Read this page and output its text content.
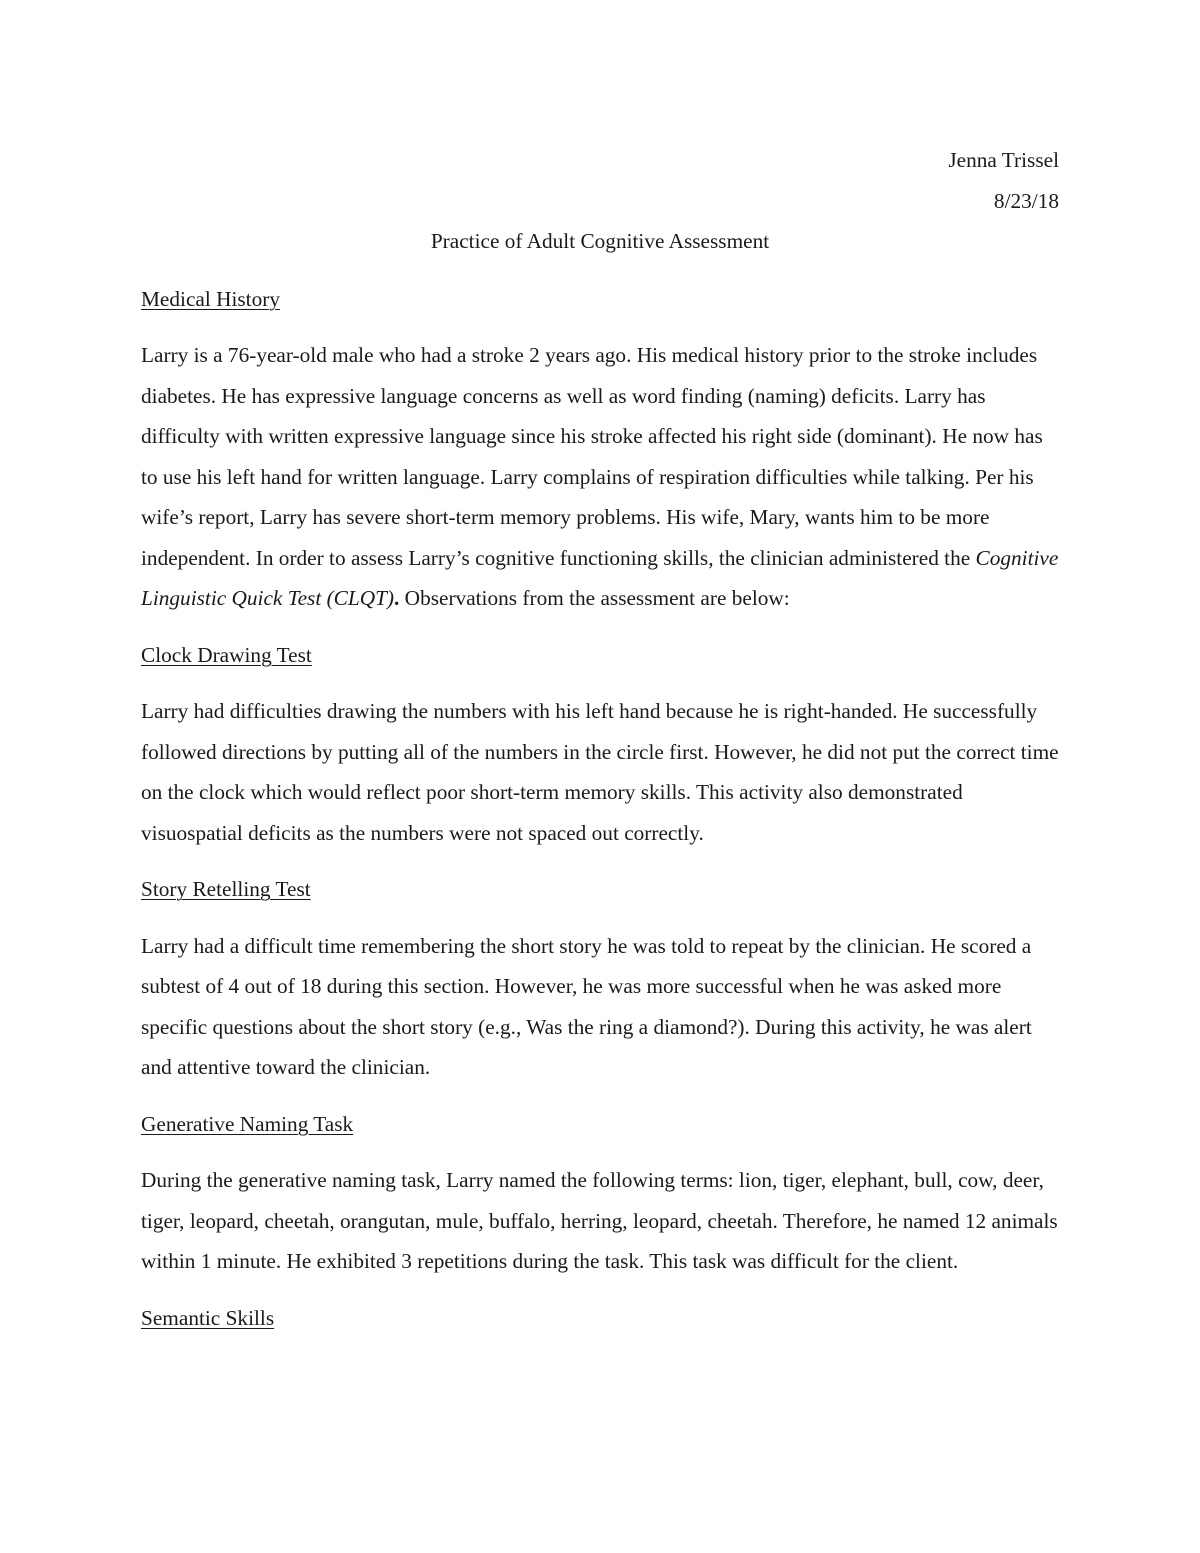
Jenna Trissel

8/23/18

Practice of Adult Cognitive Assessment

Medical History

Larry is a 76-year-old male who had a stroke 2 years ago. His medical history prior to the stroke includes diabetes. He has expressive language concerns as well as word finding (naming) deficits. Larry has difficulty with written expressive language since his stroke affected his right side (dominant). He now has to use his left hand for written language. Larry complains of respiration difficulties while talking. Per his wife’s report, Larry has severe short-term memory problems. His wife, Mary, wants him to be more independent. In order to assess Larry’s cognitive functioning skills, the clinician administered the Cognitive Linguistic Quick Test (CLQT). Observations from the assessment are below:

Clock Drawing Test

Larry had difficulties drawing the numbers with his left hand because he is right-handed. He successfully followed directions by putting all of the numbers in the circle first. However, he did not put the correct time on the clock which would reflect poor short-term memory skills. This activity also demonstrated visuospatial deficits as the numbers were not spaced out correctly.

Story Retelling Test

Larry had a difficult time remembering the short story he was told to repeat by the clinician. He scored a subtest of 4 out of 18 during this section. However, he was more successful when he was asked more specific questions about the short story (e.g., Was the ring a diamond?). During this activity, he was alert and attentive toward the clinician.

Generative Naming Task

During the generative naming task, Larry named the following terms: lion, tiger, elephant, bull, cow, deer, tiger, leopard, cheetah, orangutan, mule, buffalo, herring, leopard, cheetah. Therefore, he named 12 animals within 1 minute. He exhibited 3 repetitions during the task. This task was difficult for the client.

Semantic Skills
